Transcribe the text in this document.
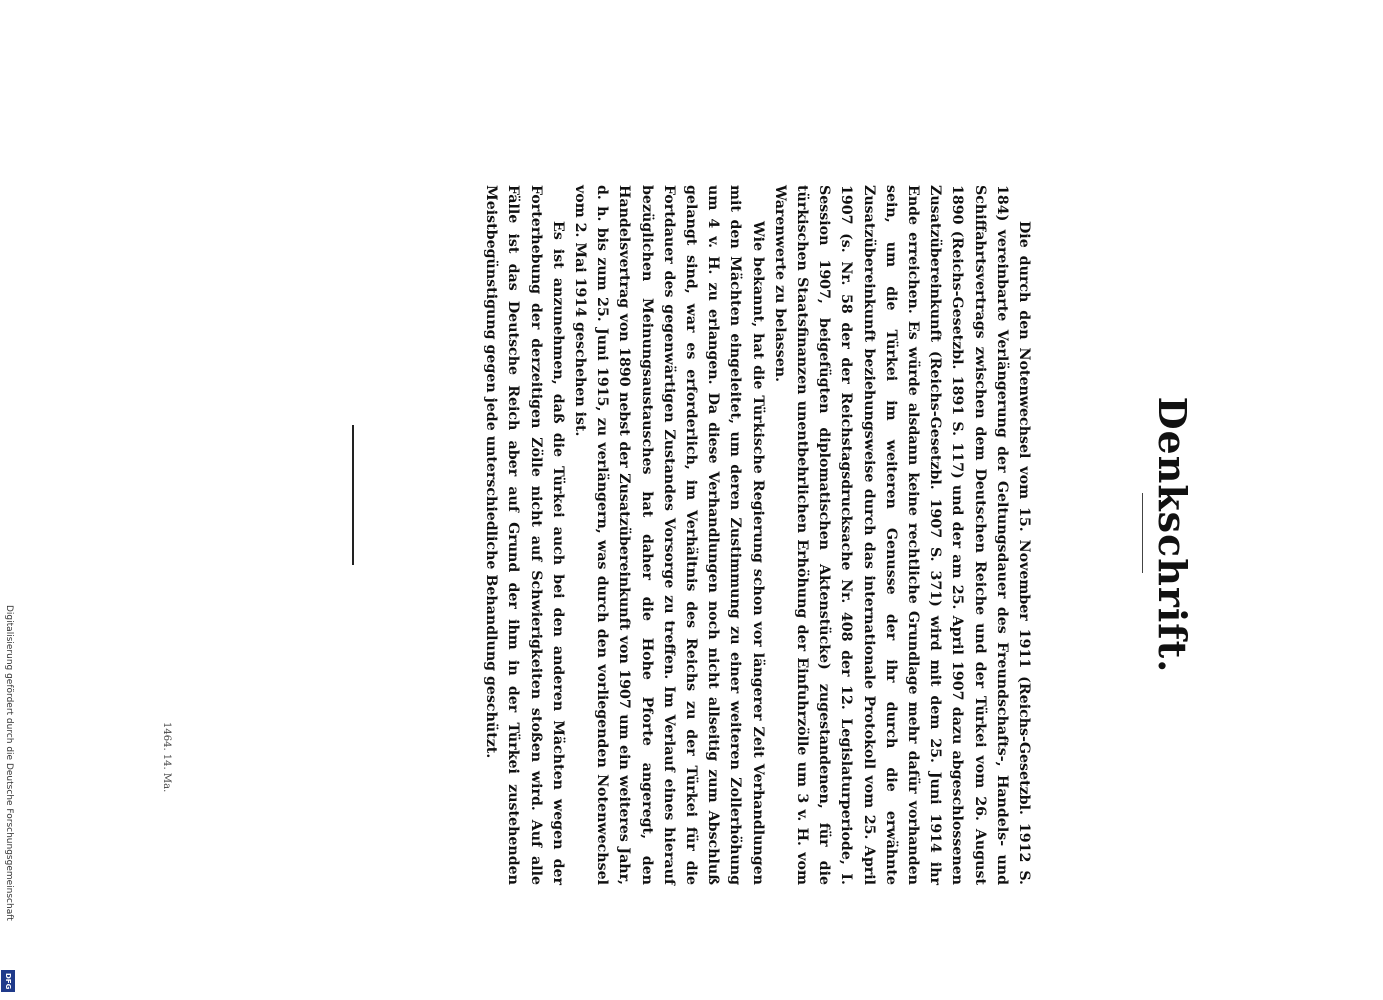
Denkschrift.

Die durch den Notenwechsel vom 15. November 1911 (Reichs-Gesetzbl. 1912 S. 184) vereinbarte Verlängerung der Geltungsdauer des Freundschafts-, Handels- und Schiffahrtsvertrags zwischen dem Deutschen Reiche und der Türkei vom 26. August 1890 (Reichs-Gesetzbl. 1891 S. 117) und der am 25. April 1907 dazu abgeschlossenen Zusatzübereinkunft (Reichs-Gesetzbl. 1907 S. 371) wird mit dem 25. Juni 1914 ihr Ende erreichen. Es würde alsdann keine rechtliche Grundlage mehr dafür vorhanden sein, um die Türkei im weiteren Genusse der ihr durch die erwähnte Zusatzübereinkunft beziehungsweise durch das internationale Protokoll vom 25. April 1907 (s. Nr. 58 der der Reichstagsdrucksache Nr. 408 der 12. Legislaturperiode, I. Session 1907, beigefügten diplomatischen Aktenstücke) zugestandenen, für die türkischen Staatsfinanzen unentbehrlichen Erhöhung der Einfuhrzölle um 3 v. H. vom Warenwerte zu belassen.

Wie bekannt, hat die Türkische Regierung schon vor längerer Zeit Verhandlungen mit den Mächten eingeleitet, um deren Zustimmung zu einer weiteren Zollerhöhung um 4 v. H. zu erlangen. Da diese Verhandlungen noch nicht allseitig zum Abschluß gelangt sind, war es erforderlich, im Verhältnis des Reichs zu der Türkei für die Fortdauer des gegenwärtigen Zustandes Vorsorge zu treffen. Im Verlauf eines hierauf bezüglichen Meinungsaustausches hat daher die Hohe Pforte angeregt, den Handelsvertrag von 1890 nebst der Zusatzübereinkunft von 1907 um ein weiteres Jahr, d. h. bis zum 25. Juni 1915, zu verlängern, was durch den vorliegenden Notenwechsel vom 2. Mai 1914 geschehen ist.

Es ist anzunehmen, daß die Türkei auch bei den anderen Mächten wegen der Forterhebung der derzeitigen Zölle nicht auf Schwierigkeiten stoßen wird. Auf alle Fälle ist das Deutsche Reich aber auf Grund der ihm in der Türkei zustehenden Meistbegünstigung gegen jede unterschiedliche Behandlung geschützt.

1464. 14. Ma.
Digitalisierung gefördert durch die Deutsche Forschungsgemeinschaft
DFG
